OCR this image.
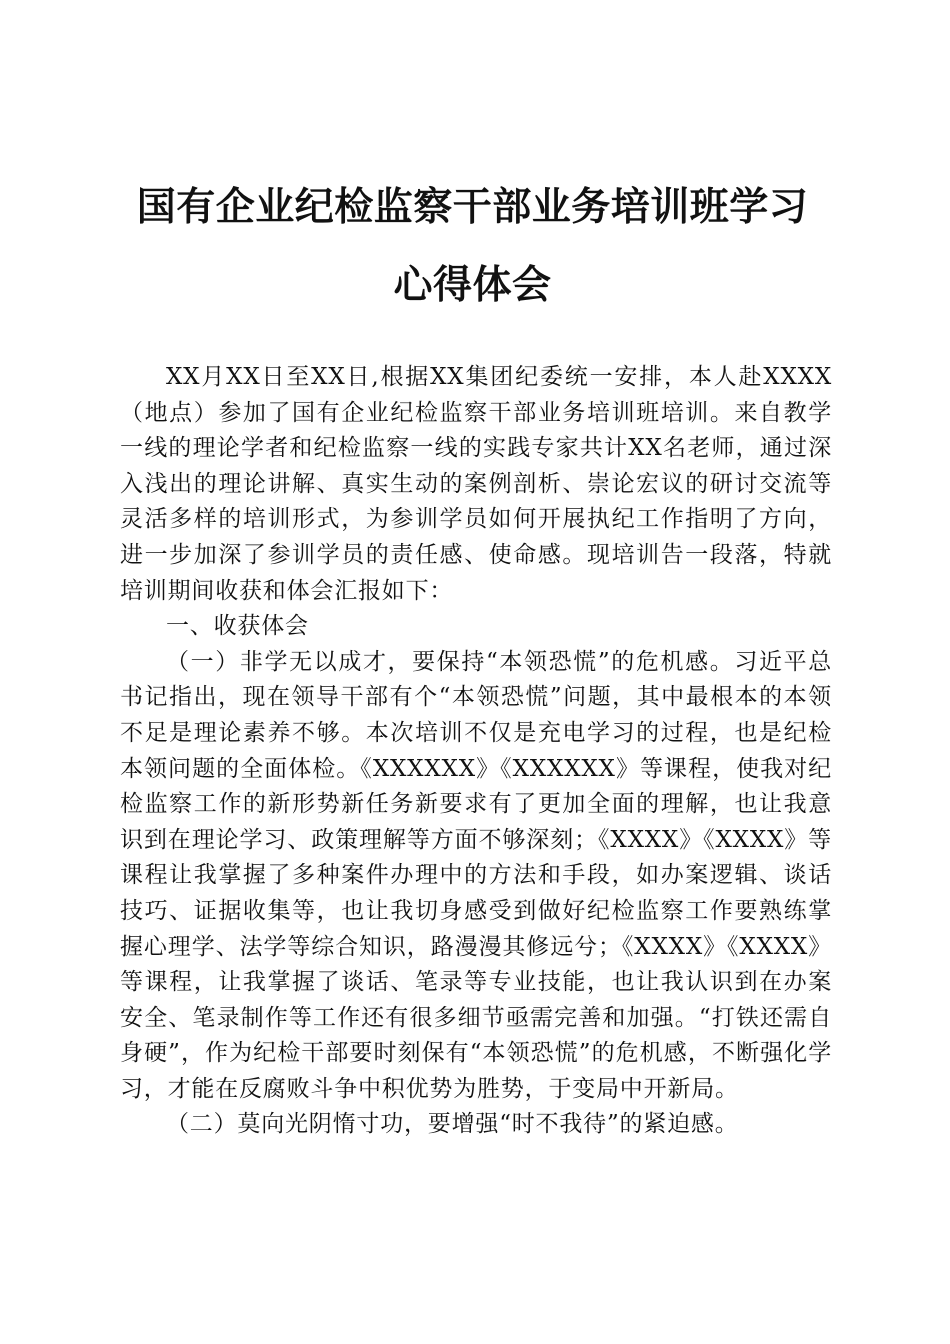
国有企业纪检监察干部业务培训班学习心得体会

XX月XX日至XX日,根据XX集团纪委统一安排，本人赴XXXX（地点）参加了国有企业纪检监察干部业务培训班培训。来自教学一线的理论学者和纪检监察一线的实践专家共计XX名老师，通过深入浅出的理论讲解、真实生动的案例剖析、崇论宏议的研讨交流等灵活多样的培训形式，为参训学员如何开展执纪工作指明了方向，进一步加深了参训学员的责任感、使命感。现培训告一段落，特就培训期间收获和体会汇报如下：

一、收获体会

（一）非学无以成才，要保持“本领恐慌”的危机感。习近平总书记指出，现在领导干部有个“本领恐慌”问题，其中最根本的本领不足是理论素养不够。本次培训不仅是充电学习的过程，也是纪检本领问题的全面体检。《XXXXXX》《XXXXXX》等课程，使我对纪检监察工作的新形势新任务新要求有了更加全面的理解，也让我意识到在理论学习、政策理解等方面不够深刻；《XXXX》《XXXX》等课程让我掌握了多种案件办理中的方法和手段，如办案逻辑、谈话技巧、证据收集等，也让我切身感受到做好纪检监察工作要熟练掌握心理学、法学等综合知识，路漫漫其修远兮；《XXXX》《XXXX》等课程，让我掌握了谈话、笔录等专业技能，也让我认识到在办案安全、笔录制作等工作还有很多细节亟需完善和加强。“打铁还需自身硬”，作为纪检干部要时刻保有“本领恐慌”的危机感，不断强化学习，才能在反腐败斗争中积优势为胜势，于变局中开新局。

（二）莫向光阴惰寸功，要增强“时不我待”的紧迫感。
